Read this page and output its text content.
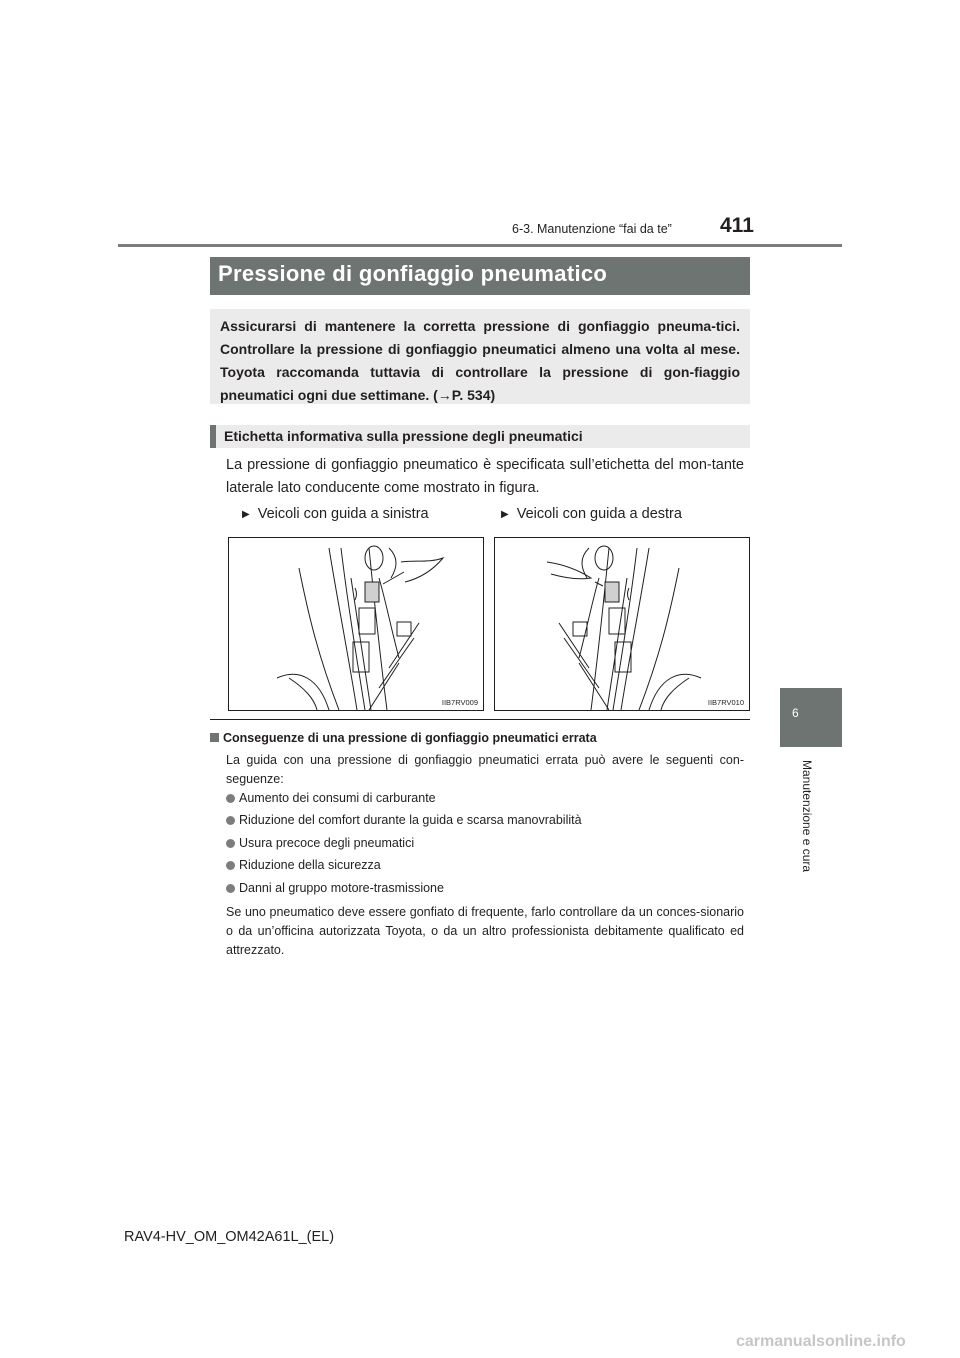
6-3. Manutenzione “fai da te” 411
6
Manutenzione e cura
Pressione di gonfiaggio pneumatico
Assicurarsi di mantenere la corretta pressione di gonfiaggio pneuma-tici. Controllare la pressione di gonfiaggio pneumatici almeno una volta al mese. Toyota raccomanda tuttavia di controllare la pressione di gon-fiaggio pneumatici ogni due settimane. (→P. 534)
Etichetta informativa sulla pressione degli pneumatici
La pressione di gonfiaggio pneumatico è specificata sull’etichetta del mon-tante laterale lato conducente come mostrato in figura.
▶ Veicoli con guida a sinistra	▶ Veicoli con guida a destra
IIB7RV009	IIB7RV010
Conseguenze di una pressione di gonfiaggio pneumatici errata
La guida con una pressione di gonfiaggio pneumatici errata può avere le seguenti con-seguenze:
Aumento dei consumi di carburante
Riduzione del comfort durante la guida e scarsa manovrabilità
Usura precoce degli pneumatici
Riduzione della sicurezza
Danni al gruppo motore-trasmissione
Se uno pneumatico deve essere gonfiato di frequente, farlo controllare da un conces-sionario o da un’officina autorizzata Toyota, o da un altro professionista debitamente qualificato ed attrezzato.
RAV4-HV_OM_OM42A61L_(EL)
carmanualsonline.info
